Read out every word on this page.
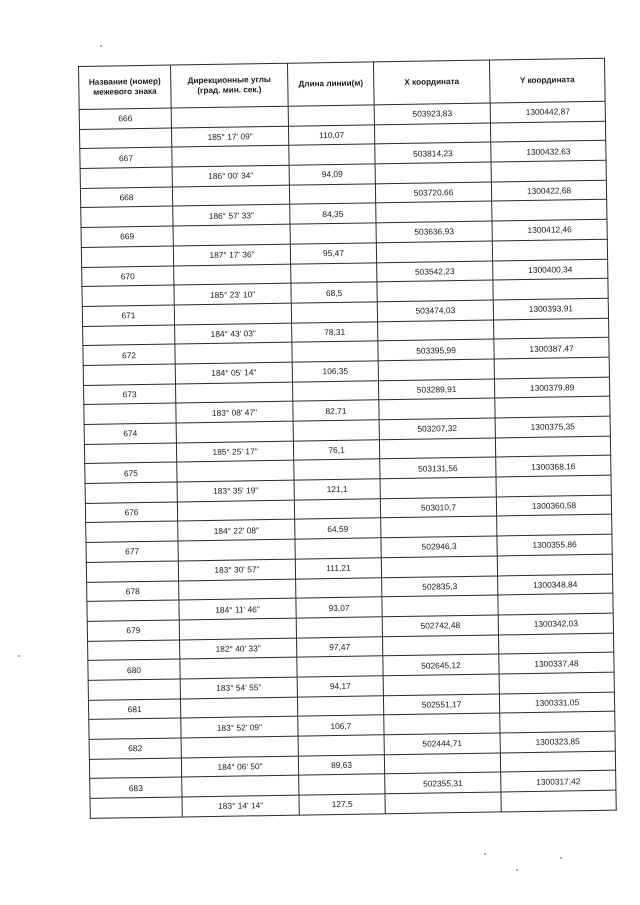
Название (номер)
межевого знака	Дирекционные углы
(град. мин. сек.)	Длина линии(м)	X координата	Y координата
666			503923,83	1300442,87
	185° 17' 09"	110,07		
667			503814,23	1300432,63
	186° 00' 34"	94,09		
668			503720,66	1300422,68
	186° 57' 33"	84,35		
669			503636,93	1300412,46
	187° 17' 36"	95,47		
670			503542,23	1300400,34
	185° 23' 10"	68,5		
671			503474,03	1300393,91
	184° 43' 03"	78,31		
672			503395,99	1300387,47
	184° 05' 14"	106,35		
673			503289,91	1300379,89
	183° 08' 47"	82,71		
674			503207,32	1300375,35
	185° 25' 17"	76,1		
675			503131,56	1300368,16
	183° 35' 19"	121,1		
676			503010,7	1300360,58
	184° 22' 08"	64,59		
677			502946,3	1300355,86
	183° 30' 57"	111,21		
678			502835,3	1300348,84
	184° 11' 46"	93,07		
679			502742,48	1300342,03
	182° 40' 33"	97,47		
680			502645,12	1300337,48
	183° 54' 55"	94,17		
681			502551,17	1300331,05
	183° 52' 09"	106,7		
682			502444,71	1300323,85
	184° 06' 50"	89,63		
683			502355,31	1300317,42
	183° 14' 14"	127,5		
